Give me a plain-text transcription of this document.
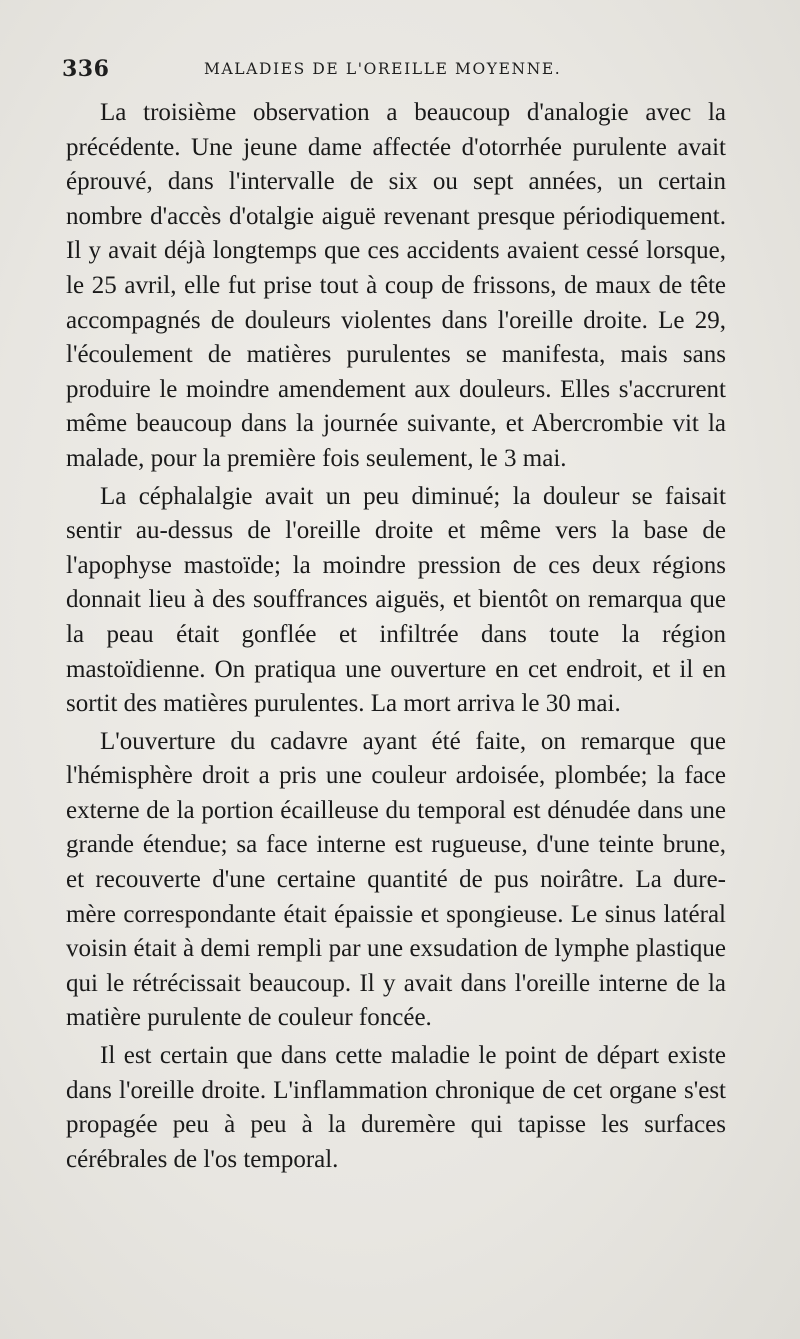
336	MALADIES DE L'OREILLE MOYENNE.

La troisième observation a beaucoup d'analogie avec la précédente. Une jeune dame affectée d'otorrhée purulente avait éprouvé, dans l'intervalle de six ou sept années, un certain nombre d'accès d'otalgie aiguë revenant presque périodiquement. Il y avait déjà longtemps que ces accidents avaient cessé lorsque, le 25 avril, elle fut prise tout à coup de frissons, de maux de tête accompagnés de douleurs violentes dans l'oreille droite. Le 29, l'écoulement de matières purulentes se manifesta, mais sans produire le moindre amendement aux douleurs. Elles s'accrurent même beaucoup dans la journée suivante, et Abercrombie vit la malade, pour la première fois seulement, le 3 mai.

La céphalalgie avait un peu diminué; la douleur se faisait sentir au-dessus de l'oreille droite et même vers la base de l'apophyse mastoïde; la moindre pression de ces deux régions donnait lieu à des souffrances aiguës, et bientôt on remarqua que la peau était gonflée et infiltrée dans toute la région mastoïdienne. On pratiqua une ouverture en cet endroit, et il en sortit des matières purulentes. La mort arriva le 30 mai.

L'ouverture du cadavre ayant été faite, on remarque que l'hémisphère droit a pris une couleur ardoisée, plombée; la face externe de la portion écailleuse du temporal est dénudée dans une grande étendue; sa face interne est rugueuse, d'une teinte brune, et recouverte d'une certaine quantité de pus noirâtre. La dure-mère correspondante était épaissie et spongieuse. Le sinus latéral voisin était à demi rempli par une exsudation de lymphe plastique qui le rétrécissait beaucoup. Il y avait dans l'oreille interne de la matière purulente de couleur foncée.

Il est certain que dans cette maladie le point de départ existe dans l'oreille droite. L'inflammation chronique de cet organe s'est propagée peu à peu à la duremère qui tapisse les surfaces cérébrales de l'os temporal.
